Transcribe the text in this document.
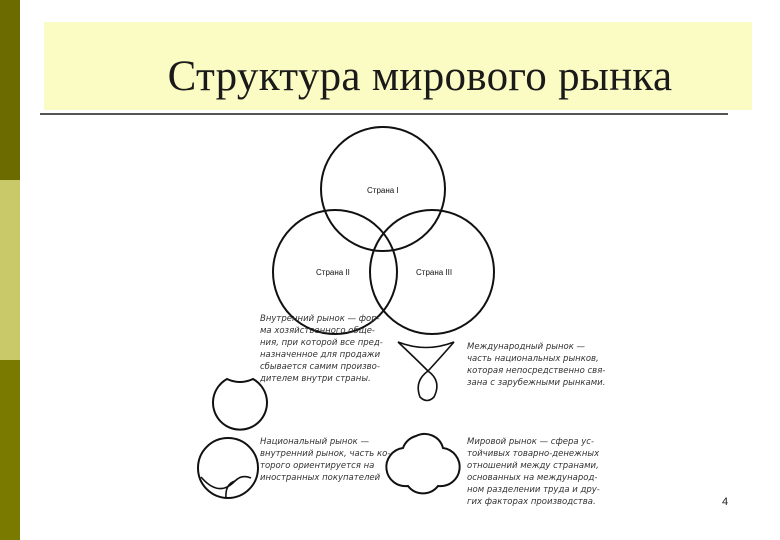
Структура мирового рынка
Страна I
Страна II	Страна III
Внутренний рынок — фор-
ма хозяйственного обще-
ния, при которой все пред-
назначенное для продажи
сбывается самим произво-
дителем внутри страны.
Международный рынок —
часть национальных рынков,
которая непосредственно свя-
зана с зарубежными рынками.
Национальный рынок —
внутренний рынок, часть ко-
торого ориентируется на
иностранных покупателей
Мировой рынок — сфера ус-
тойчивых товарно-денежных
отношений между странами,
основанных на международ-
ном разделении труда и дру-
гих факторах производства.	4
